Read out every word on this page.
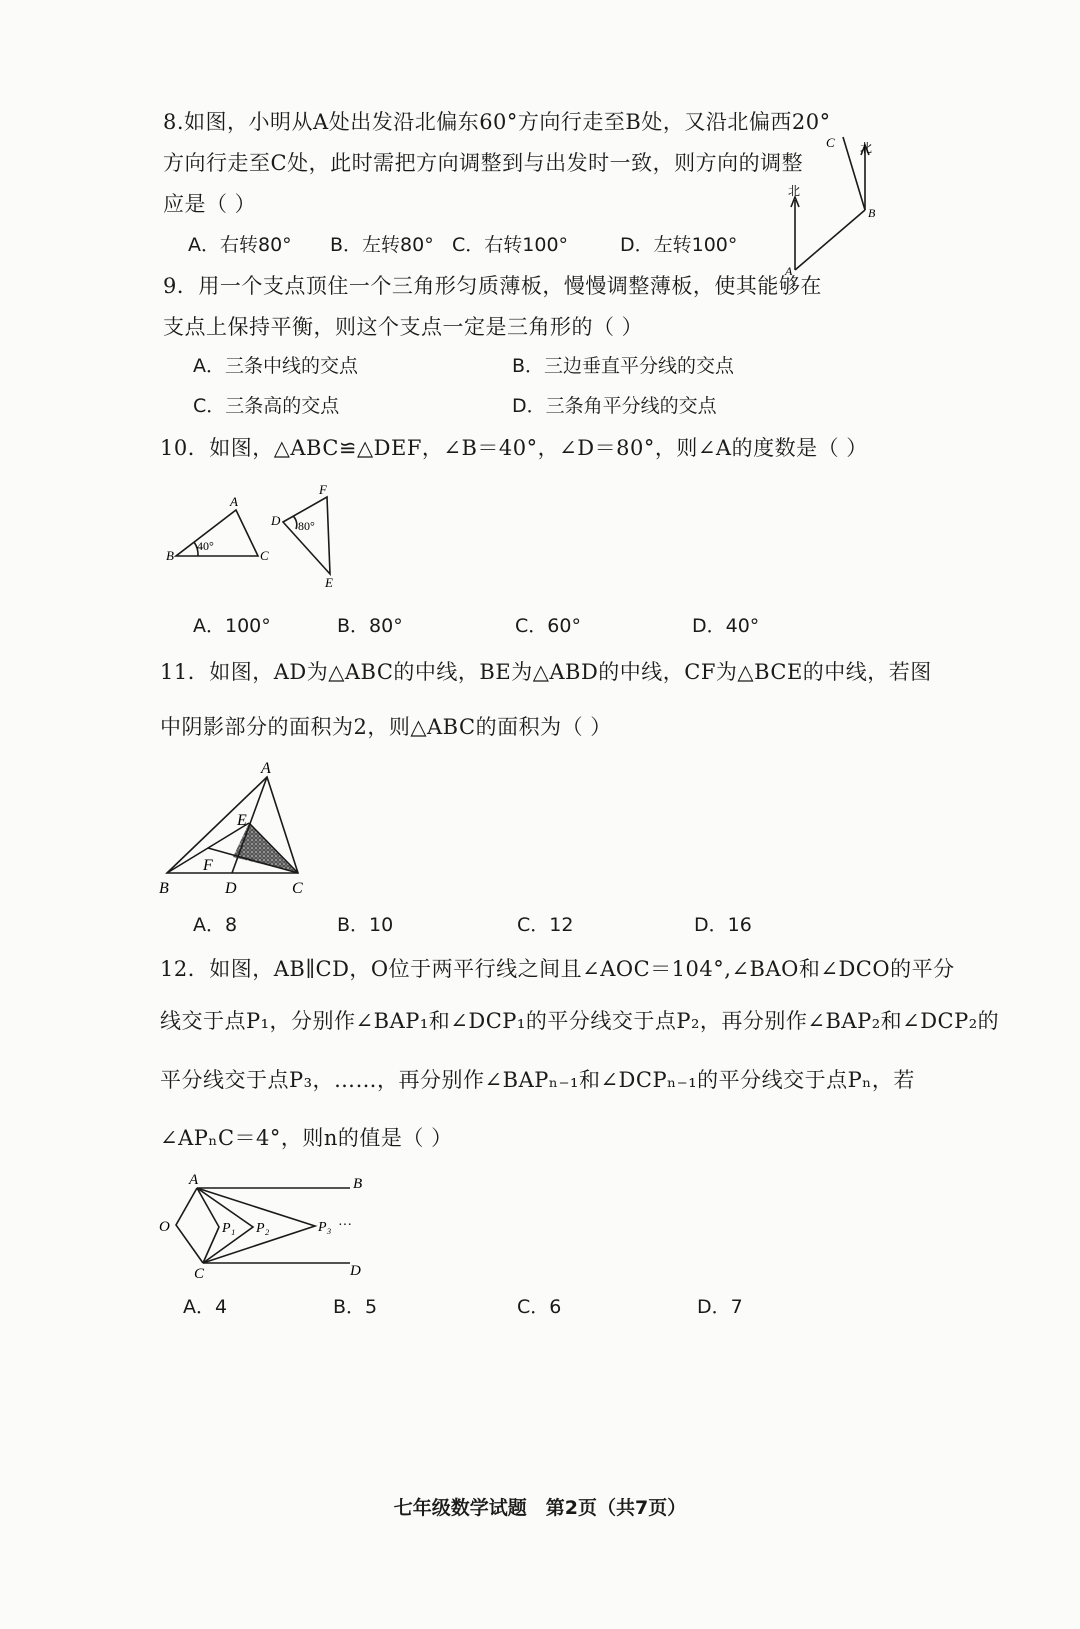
8.如图，小明从A处出发沿北偏东60°方向行走至B处，又沿北偏西20°
方向行走至C处，此时需把方向调整到与出发时一致，则方向的调整
应是（ ）
A．右转80° B．左转80° C．右转100°	D．左转100°
北
北
A
B
C
9．用一个支点顶住一个三角形匀质薄板，慢慢调整薄板，使其能够在
支点上保持平衡，则这个支点一定是三角形的（ ）
A．三条中线的交点	B．三边垂直平分线的交点
C．三条高的交点	D．三条角平分线的交点
10．如图，△ABC≌△DEF，∠B＝40°，∠D＝80°，则∠A的度数是（ ）
B
A
C
40°
D
F
E
80°
A．100°	B．80°	C．60°	D．40°
11．如图，AD为△ABC的中线，BE为△ABD的中线，CF为△BCE的中线，若图
中阴影部分的面积为2，则△ABC的面积为（ ）
A
E
F
B	D	C
A．8	B．10	C．12	D．16
12．如图，AB∥CD，O位于两平行线之间且∠AOC＝104°,∠BAO和∠DCO的平分
线交于点P₁，分别作∠BAP₁和∠DCP₁的平分线交于点P₂，再分别作∠BAP₂和∠DCP₂的
平分线交于点P₃，……，再分别作∠BAPₙ₋₁和∠DCPₙ₋₁的平分线交于点Pₙ，若
∠APₙC＝4°，则n的值是（ ）
A	B
O	P₁ P₂	P₃ ···
C	D
A．4	B．5	C．6	D．7
七年级数学试题　第2页（共7页）
